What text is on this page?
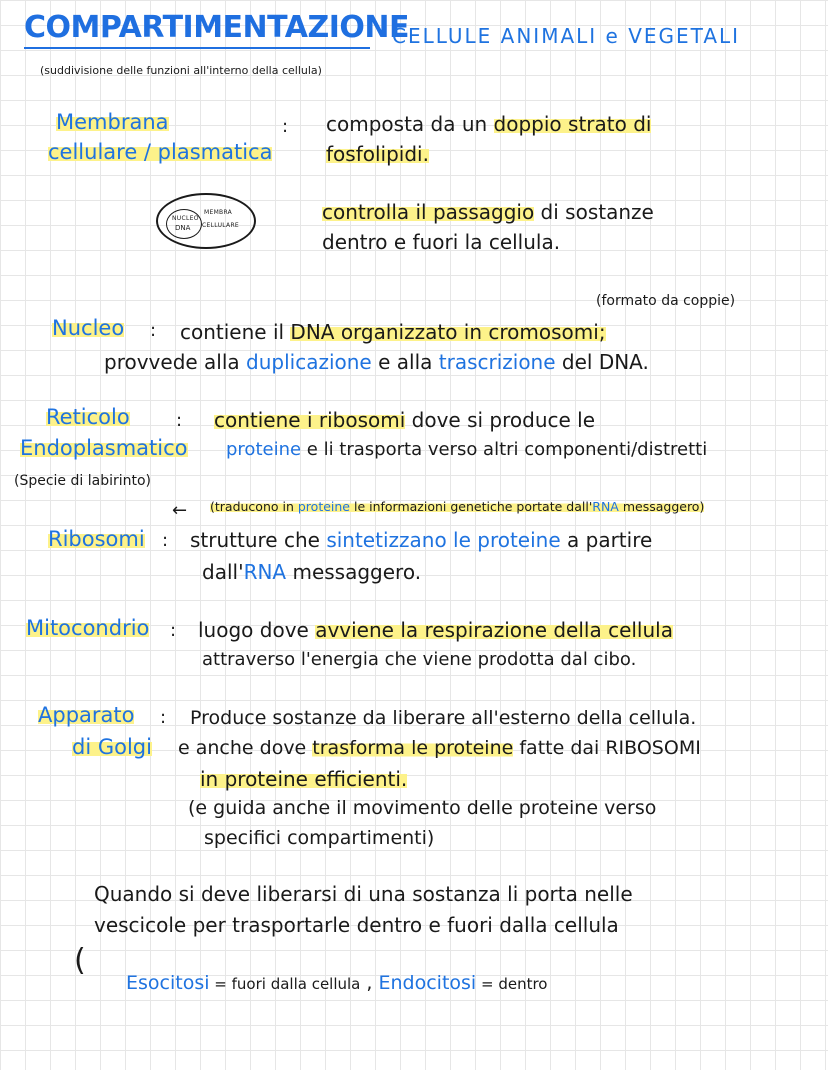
COMPARTIMENTAZIONE
CELLULE ANIMALI e VEGETALI
(suddivisione delle funzioni all'interno della cellula)
Membrana
cellulare / plasmatica
: composta da un doppio strato di
fosfolipidi.
controlla il passaggio di sostanze
dentro e fuori la cellula.
NUCLEO
DNA
MEMBRA
CELLULARE
(formato da coppie)
Nucleo : contiene il DNA organizzato in cromosomi;
provvede alla duplicazione e alla trascrizione del DNA.
Reticolo
Endoplasmatico
(Specie di labirinto)
: contiene i ribosomi dove si produce le
proteine e li trasporta verso altri componenti/distretti
← (traducono in proteine le informazioni genetiche portate dall'RNA messaggero)
Ribosomi : strutture che sintetizzano le proteine a partire
dall'RNA messaggero.
Mitocondrio : luogo dove avviene la respirazione della cellula
attraverso l'energia che viene prodotta dal cibo.
Apparato
di Golgi
: Produce sostanze da liberare all'esterno della cellula.
e anche dove trasforma le proteine fatte dai RIBOSOMI
in proteine efficienti.
(e guida anche il movimento delle proteine verso
specifici compartimenti)
Quando si deve liberarsi di una sostanza li porta nelle
vescicole per trasportarle dentro e fuori dalla cellula
(
Esocitosi = fuori dalla cellula , Endocitosi = dentro
